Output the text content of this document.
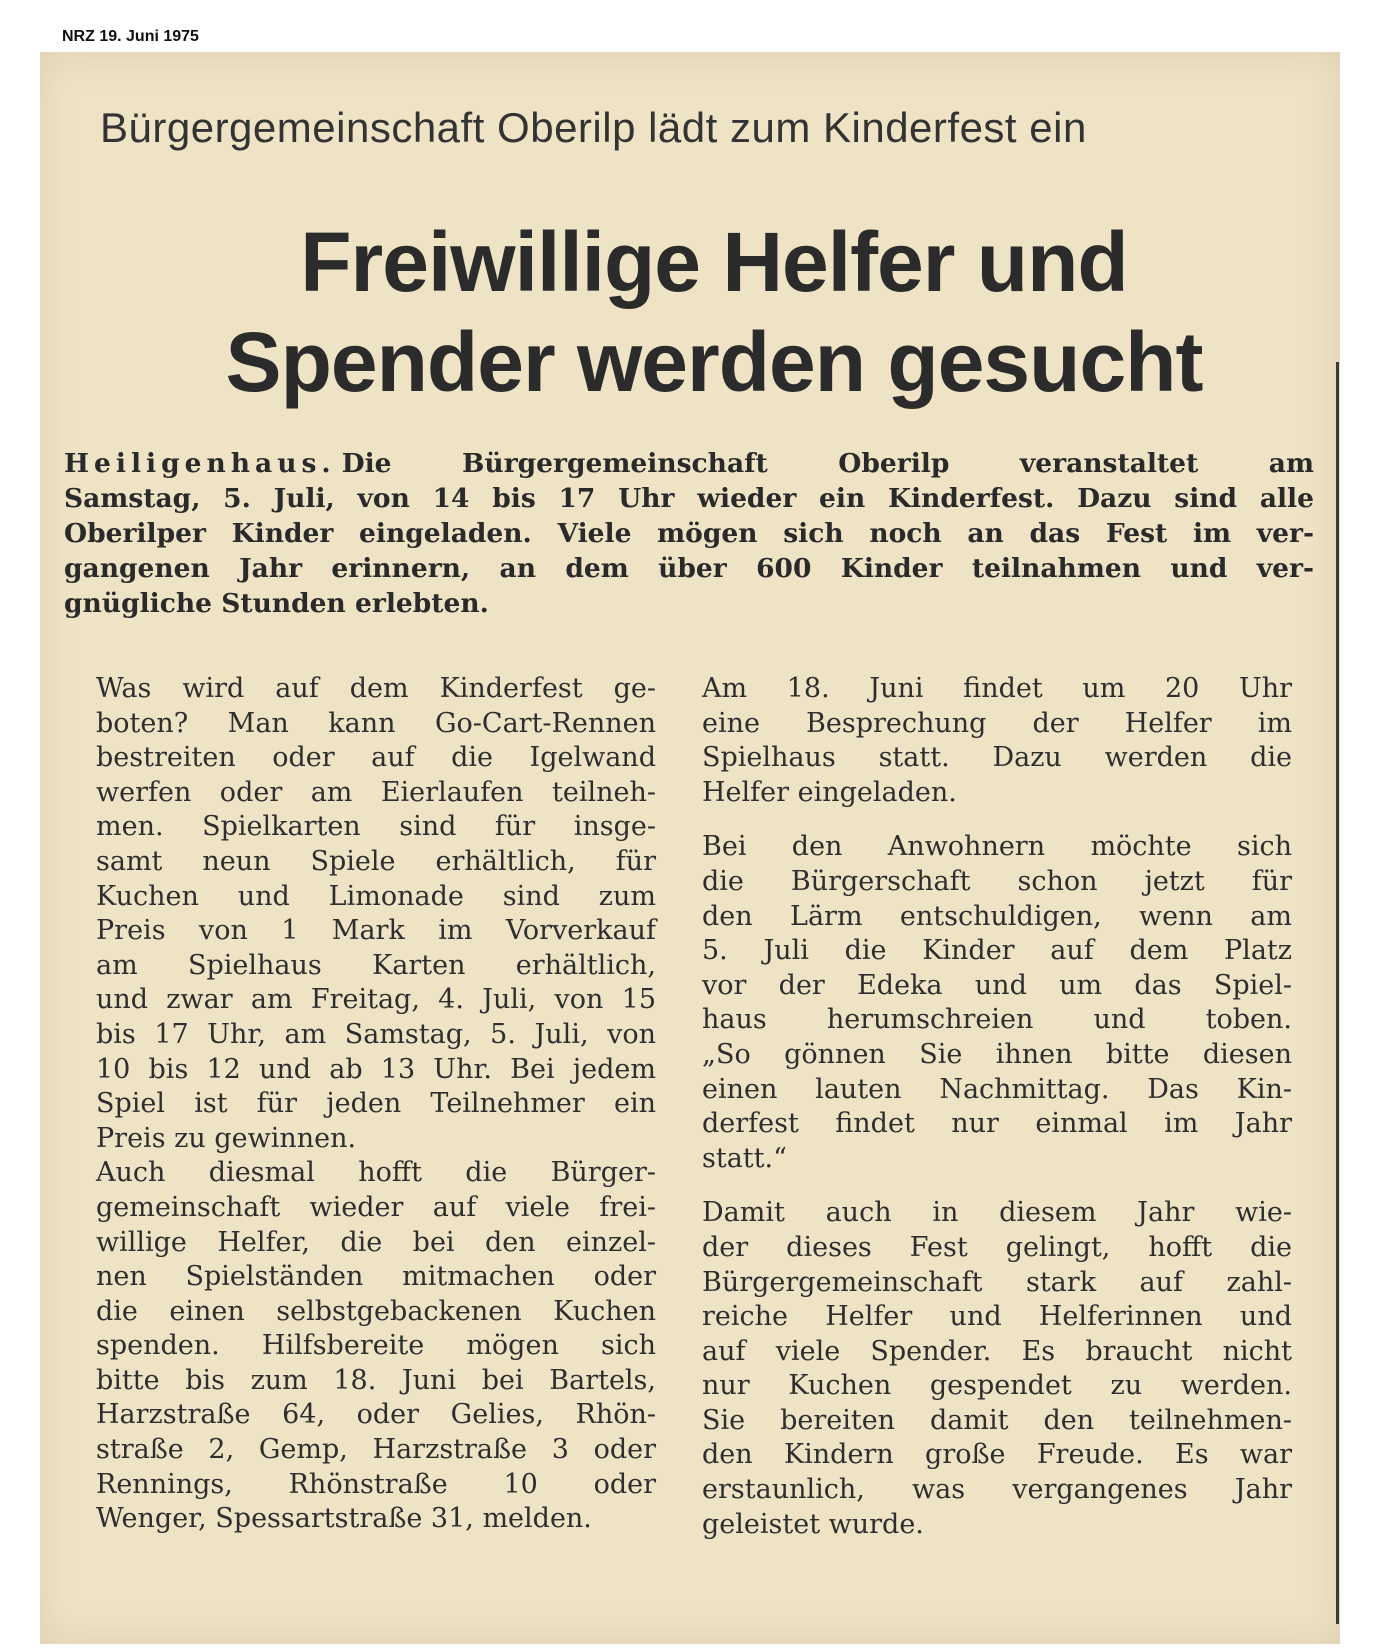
NRZ 19. Juni 1975
Bürgergemeinschaft Oberilp lädt zum Kinderfest ein
Freiwillige Helfer und
Spender werden gesucht
Heiligenhaus. Die Bürgergemeinschaft Oberilp veranstaltet am
Samstag, 5. Juli, von 14 bis 17 Uhr wieder ein Kinderfest. Dazu sind alle
Oberilper Kinder eingeladen. Viele mögen sich noch an das Fest im ver-
gangenen Jahr erinnern, an dem über 600 Kinder teilnahmen und ver-
gnügliche Stunden erlebten.
Was wird auf dem Kinderfest ge-
boten? Man kann Go-Cart-Rennen
bestreiten oder auf die Igelwand
werfen oder am Eierlaufen teilneh-
men. Spielkarten sind für insge-
samt neun Spiele erhältlich, für
Kuchen und Limonade sind zum
Preis von 1 Mark im Vorverkauf
am Spielhaus Karten erhältlich,
und zwar am Freitag, 4. Juli, von 15
bis 17 Uhr, am Samstag, 5. Juli, von
10 bis 12 und ab 13 Uhr. Bei jedem
Spiel ist für jeden Teilnehmer ein
Preis zu gewinnen.
Auch diesmal hofft die Bürger-
gemeinschaft wieder auf viele frei-
willige Helfer, die bei den einzel-
nen Spielständen mitmachen oder
die einen selbstgebackenen Kuchen
spenden. Hilfsbereite mögen sich
bitte bis zum 18. Juni bei Bartels,
Harzstraße 64, oder Gelies, Rhön-
straße 2, Gemp, Harzstraße 3 oder
Rennings, Rhönstraße 10 oder
Wenger, Spessartstraße 31, melden.
Am 18. Juni findet um 20 Uhr
eine Besprechung der Helfer im
Spielhaus statt. Dazu werden die
Helfer eingeladen.
Bei den Anwohnern möchte sich
die Bürgerschaft schon jetzt für
den Lärm entschuldigen, wenn am
5. Juli die Kinder auf dem Platz
vor der Edeka und um das Spiel-
haus herumschreien und toben.
„So gönnen Sie ihnen bitte diesen
einen lauten Nachmittag. Das Kin-
derfest findet nur einmal im Jahr
statt.“
Damit auch in diesem Jahr wie-
der dieses Fest gelingt, hofft die
Bürgergemeinschaft stark auf zahl-
reiche Helfer und Helferinnen und
auf viele Spender. Es braucht nicht
nur Kuchen gespendet zu werden.
Sie bereiten damit den teilnehmen-
den Kindern große Freude. Es war
erstaunlich, was vergangenes Jahr
geleistet wurde.
